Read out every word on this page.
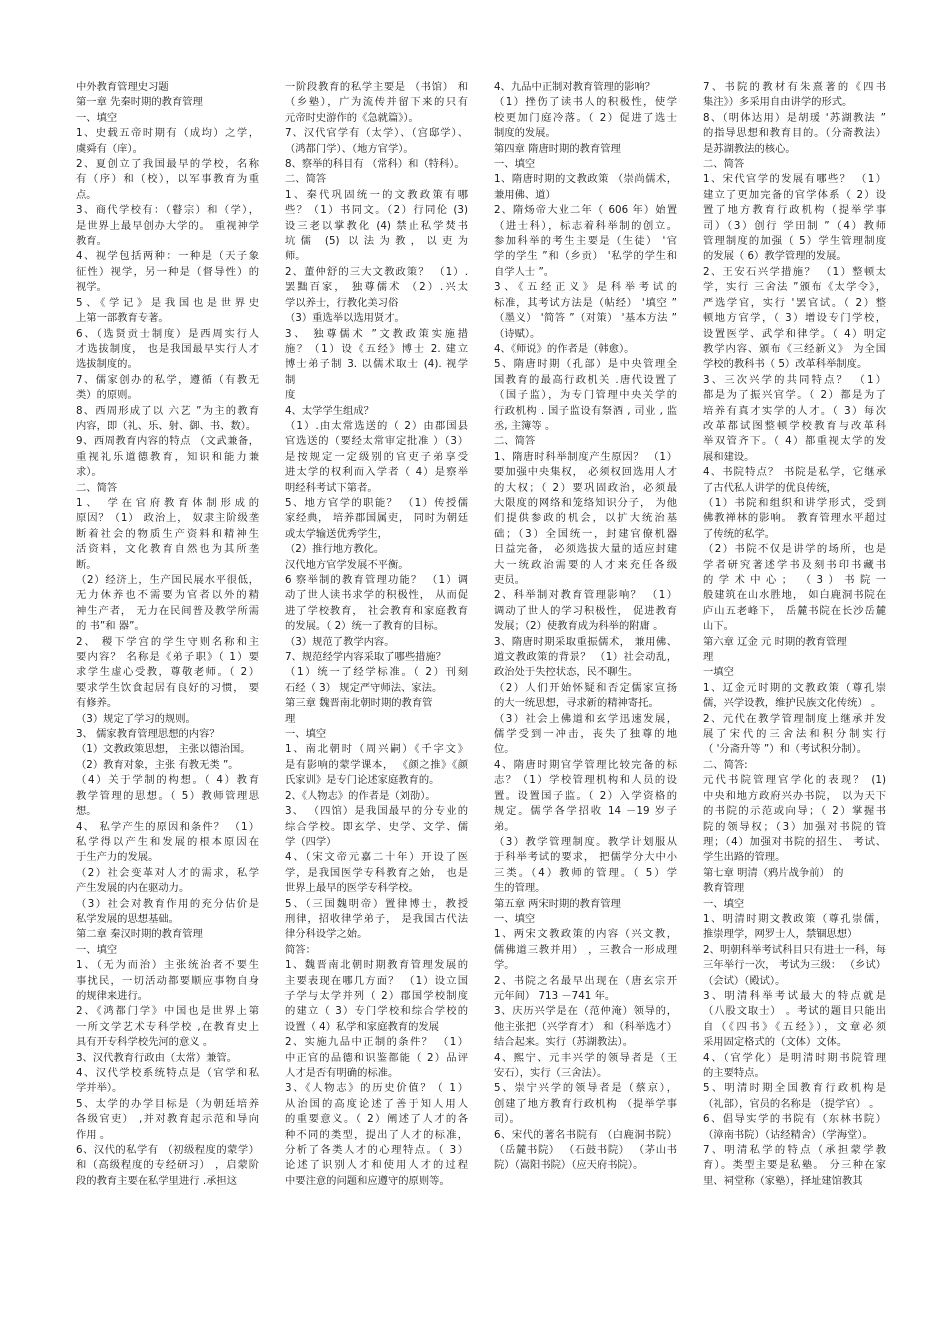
中外教育管理史习题
第一章 先秦时期的教育管理
一、填空
1、史载五帝时期有（成均）之学，
虞舜有（庠）。
2、夏创立了我国最早的学校，名称
有（序）和（校），以军事教育为重
点。
3、商代学校有：（瞽宗）和（学），
是世界上最早创办大学的。 重视神学
教育。
4、视学包括两种：一种是（天子象
征性）视学，另一种是（督导性）的
视学。
5、《学记》是我国也是世界史
上第一部教育专著。
6、（选贤贡士制度）是西周实行人
才选拔制度， 也是我国最早实行人才
选拔制度的。
7、儒家创办的私学，遵循（有教无
类）的原则。
8、西周形成了以 六艺 ”为主的教育
内容，即（礼、乐、射、御、书、数）。
9、西周教育内容的特点 （文武兼备，
重视礼乐道德教育，知识和能力兼
求）。
二、简答
1、 学在官府教育体制形成的
原因？（1） 政治上， 奴隶主阶级垄
断着社会的物质生产资料和精神生
活资料，文化教育自然也为其所垄
断。
（2）经济上，生产国民展水平很低，
无力休养也不需要为官者以外的精
神生产者， 无力在民间普及教学所需
的 书”和 器”。
2、 稷下学宫的学生守则名称和主
要内容？ 名称是《弟子职》（ 1）要
求学生虚心受教，尊敬老师。（ 2）
要求学生饮食起居有良好的习惯， 要
有修养。
（3）规定了学习的规则。
3、 儒家教育管理思想的内容？
（1）文教政策思想， 主张以德治国。
（2）教育对象，主张 有教无类 ”。
（4）关于学制的构想。（ 4）教育
教学管理的思想。（ 5）教师管理思
想。
4、 私学产生的原因和条件？ （1）
私学得以产生和发展的根本原因在
于生产力的发展。
（2）社会变革对人才的需求，私学
产生发展的内在驱动力。
（3）社会对教育作用的充分估价是
私学发展的思想基础。
第二章 秦汉时期的教育管理
一、填空
1、（无为而治）主张统治者不要生
事扰民，一切活动都要顺应事物自身
的规律来进行。
2、《鸿都门学》中国也是世界上第
一所文学艺术专科学校 ,在教育史上
具有开专科学校先河的意义 。
3、汉代教育行政由（太常）兼管。
4、汉代学校系统特点是（官学和私
学并举）。
5、太学的办学目标是（为朝廷培养
各级官吏） ,并对教育起示范和导向
作用 。
6、汉代的私学有 （初级程度的蒙学）
和（高级程度的专经研习） ，启蒙阶
段的教育主要在私学里进行 .承担这
一阶段教育的私学主要是 （书馆） 和
（乡塾），广为流传并留下来的只有
元帝时史游作的《急就篇》）。
7、汉代官学有（太学）、（宫邸学）、
（鸿都门学）、（地方官学）。
8、察举的科目有 （常科）和（特科）。
二、简答
1、秦代巩固统一的文教政策有哪
些？（1）书同文。（2）行同伦 (3)
设三老以掌教化 (4) 禁止私学焚书
坑儒 (5) 以法为教，以吏为
师。
2、董仲舒的三大文教政策？ （1）.
罢黜百家， 独尊儒术 （2）.兴太
学以养士，行教化美习俗
（3）重选举以选用贤才。
3、 独尊儒术 ”文教政策实施措
施？（1）设《五经》博士 2. 建立
博士弟子制 3. 以儒术取士 (4). 视学
制
度
4、太学学生组成？
（1）.由太常选送的（ 2）由郡国县
官选送的（要经太常审定批准 ）（3）
是按规定一定级别的官吏子弟享受
进太学的权利而入学者（ 4）是察举
明经科考试下第者。
5、地方官学的职能？ （1）传授儒
家经典， 培养郡国属吏， 同时为朝廷
或太学输送优秀学生，
（2）推行地方教化。
汉代地方官学发展不平衡。
6 察举制的教育管理功能？ （1）调
动了世人读书求学的积极性， 从而促
进了学校教育， 社会教育和家庭教育
的发展。（ 2）统一了教育的目标。
（3）规范了教学内容。
7、规范经学内容采取了哪些措施？
（1）统一了经学标准。（ 2）刊刻
石经（ 3） 规定严守师法、家法。
第三章 魏晋南北朝时期的教育管
理
一、填空
1、南北朝时（周兴嗣）《千字文》
是有影响的蒙学课本， 《颜之推》《颜
氏家训》是专门论述家庭教育的。
2、《人物志》的作者是（刘劭）。
3、 （四馆）是我国最早的分专业的
综合学校。即玄学、史学、文学、儒
学（四学）
4、（宋文帝元嘉二十年）开设了医
学，是我国医学专科教育之始， 也是
世界上最早的医学专科学校。
5、（三国魏明帝）置律博士，教授
刑律，招收律学弟子， 是我国古代法
律分科设学之始。
简答：
1、魏晋南北朝时期教育管理发展的
主要表现在哪几方面？ （1）设立国
子学与太学并列（ 2）郡国学校制度
的建立（ 3）专门学校和综合学校的
设置（ 4）私学和家庭教育的发展
2、实施九品中正制的条件？ （1）
中正官的品德和识鉴都能（ 2）品评
人才是否有明确的标准。
3、《人物志》的历史价值？（ 1）
从治国的高度论述了善于知人用人
的重要意义。（ 2）阐述了人才的各
种不同的类型，提出了人才的标准，
分析了各类人才的心理特点。（ 3）
论述了识别人才和使用人才的过程
中要注意的问题和应遵守的原则等。
4、九品中正制对教育管理的影响？
（1）挫伤了读书人的积极性，使学
校更加门庭冷落。（ 2）促进了选士
制度的发展。
第四章 隋唐时期的教育管理
一、填空
1、隋唐时期的文教政策 （崇尚儒术，
兼用佛、道）
2、隋炀帝大业二年（ 606 年）始置
（进士科），标志着科举制的创立。
参加科举的考生主要是（生徒） '官
学的学生 ”和（乡贡） '私学的学生和
自学人士 ”。
3、《五经正义》是科举考试的
标准，其考试方法是（帖经） '填空 ”
（墨义） '简答 ”（对策） '基本方法 ”
（诗赋）。
4、《师说》的作者是（韩愈）。
5、隋唐时期（孔部）是中央管理全
国教育的最高行政机关 .唐代设置了
（国子监），为专门管理中央关学的
行政机构 . 国子监设有祭酒 , 司业 , 监
丞, 主簿等 。
二、简答
1、隋唐时科举制度产生原因？ （1）
要加强中央集权， 必须权回选用人才
的大权；（ 2）要巩固政治，必须最
大限度的网络和笼络知识分子， 为他
们提供参政的机会，以扩大统治基
础；（3）全国统一，封建官僚机器
日益完备， 必须选拔大量的适应封建
大一统政治需要的人才来充任各级
吏员。
2、科举制对教育管理影响？ （1）
调动了世人的学习积极性， 促进教育
发展；（2）使教育成为科举的附庸 。
3、隋唐时期采取重振儒术， 兼用佛、
道文教政策的背景？ （1）社会动乱，
政治处于失控状态，民不聊生。
（2）人们开始怀疑和否定儒家宣扬
的大一统思想，寻求新的精神寄托。
（3）社会上佛道和玄学迅速发展，
儒学受到一冲击，丧失了独尊的地
位。
4、隋唐时期官学管理比较完备的标
志？（1）学校管理机构和人员的设
置。设置国子监。（ 2）入学资格的
规定。儒学各学招收 14 －19 岁子
弟。
（3）教学管理制度。教学计划服从
于科举考试的要求， 把儒学分大中小
三类。（4）教师的管理。（ 5）学
生的管理。
第五章 两宋时期的教育管理
一、填空
1、两宋文教政策的内容（兴文教，
儒佛道三教并用） ，三教合一形成理
学。
2、书院之名最早出现在（唐玄宗开
元年间） 713 －741 年。
3、庆历兴学是在（范仲淹）领导的，
他主张把（兴学育才） 和（科举选才）
结合起来。实行（苏湖教法）。
4、熙宁、元丰兴学的领导者是（王
安石），实行（三舍法）。
5、崇宁兴学的领导者是（蔡京），
创建了地方教育行政机构 （提举学事
司）。
6、宋代的著名书院有 （白鹿洞书院）
（岳麓书院） （石鼓书院） （茅山书
院）（嵩阳书院）（应天府书院）。
7、书院的教材有朱熹著的《四书
集注》）多采用自由讲学的形式。
8、（明体达用）是胡瑗 '苏湖教法 ”
的指导思想和教育目的。（分斋教法）
是苏湖教法的核心。
二、简答
1、宋代官学的发展有哪些？ （1）
建立了更加完备的官学体系（ 2）设
置了地方教育行政机构（提举学事
司）（3）创行 学田制 ”（4）教师
管理制度的加强（ 5）学生管理制度
的发展（ 6）教学管理的发展。
2、王安石兴学措施？ （1）整顿太
学，实行 三舍法 ”颁布《太学令》，
严选学官，实行 '罢官试。（ 2）整
顿地方官学，（ 3）增设专门学校，
设置医学、武学和律学。（ 4）明定
教学内容、颁布《三经新义》 为全国
学校的教科书（ 5）改革科举制度。
3、三次兴学的共同特点？ （1）
都是为了振兴官学。（ 2）都是为了
培养有真才实学的人才。（ 3）每次
改革都试图整顿学校教育与改革科
举双管齐下。（ 4）都重视太学的发
展和建设。
4、书院特点？ 书院是私学，它继承
了古代私人讲学的优良传统，
（1）书院和组织和讲学形式，受到
佛教禅林的影响。 教育管理水平超过
了传统的私学。
（2）书院不仅是讲学的场所，也是
学者研究著述学书及刻书印书藏书
的学术中心； （3）书院一
般建筑在山水胜地， 如白鹿洞书院在
庐山五老峰下， 岳麓书院在长沙岳麓
山下。
第六章 辽金 元 时期的教育管理
理
一填空
1、辽金元时期的文教政策（尊孔崇
儒，兴学设教，维护民族文化传统） 。
2、元代在教学管理制度上继承并发
展了宋代的三舍法和积分制实行
（ '分斋升等 ”）和（考试积分制）。
二、简答:
元代书院管理官学化的表现？ (1)
中央和地方政府兴办书院， 以为天下
的书院的示范或向导；（ 2）掌握书
院的领导权；（3）加强对书院的管
理；（4）加强对书院的招生、 考试、
学生出路的管理。
第七章 明清（鸦片战争前） 的
教育管理
一、填空
1、明清时期文教政策（尊孔崇儒，
推崇理学，网罗士人，禁锢思想）
2、明朝科举考试科目只有进士一科，每
三年举行一次， 考试为三级： （乡试）
（会试）（殿试）。
3、明清科举考试最大的特点就是
（八股文取士） 。考试的题目只能出
自（《四书》《五经》），文章必须
采用固定格式的（文体）文体。
4、（官学化）是明清时期书院管理
的主要特点。
5、明清时期全国教育行政机构是
（礼部），官员的名称是 （提学官） 。
6、倡导实学的书院有（东林书院）
（漳南书院）（诂经精舍）（学海堂）。
7、明清私学的特点（承担蒙学教
育）。类型主要是私塾。 分三种在家
里、祠堂称（家塾），择址建馆教其
